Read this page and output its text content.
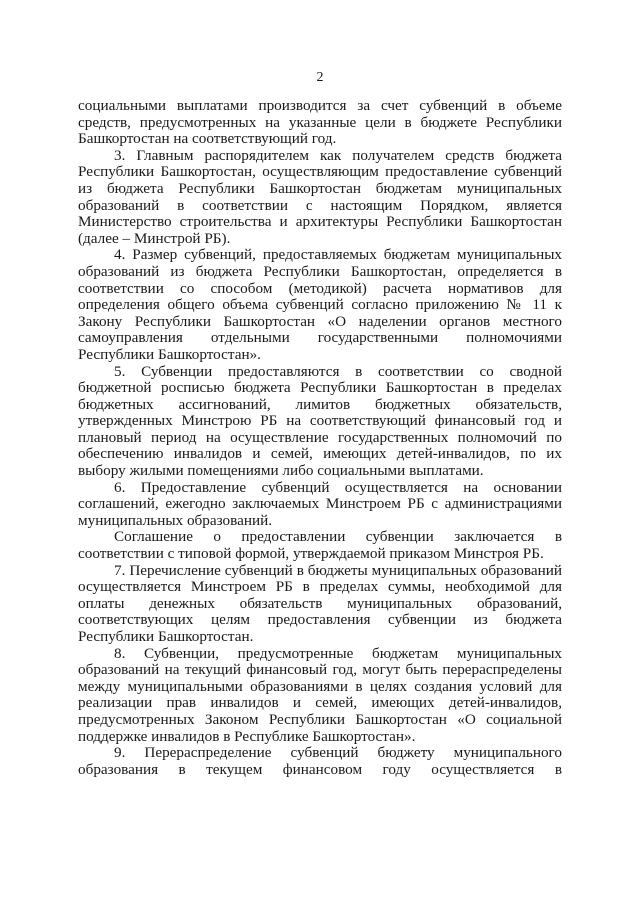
2

социальными выплатами производится за счет субвенций в объеме средств, предусмотренных на указанные цели в бюджете Республики Башкортостан на соответствующий год.

3. Главным распорядителем как получателем средств бюджета Республики Башкортостан, осуществляющим предоставление субвенций из бюджета Республики Башкортостан бюджетам муниципальных образований в соответствии с настоящим Порядком, является Министерство строительства и архитектуры Республики Башкортостан (далее – Минстрой РБ).

4. Размер субвенций, предоставляемых бюджетам муниципальных образований из бюджета Республики Башкортостан, определяется в соответствии со способом (методикой) расчета нормативов для определения общего объема субвенций согласно приложению № 11 к Закону Республики Башкортостан «О наделении органов местного самоуправления отдельными государственными полномочиями Республики Башкортостан».

5. Субвенции предоставляются в соответствии со сводной бюджетной росписью бюджета Республики Башкортостан в пределах бюджетных ассигнований, лимитов бюджетных обязательств, утвержденных Минстрою РБ на соответствующий финансовый год и плановый период на осуществление государственных полномочий по обеспечению инвалидов и семей, имеющих детей-инвалидов, по их выбору жилыми помещениями либо социальными выплатами.

6. Предоставление субвенций осуществляется на основании соглашений, ежегодно заключаемых Минстроем РБ с администрациями муниципальных образований.

Соглашение о предоставлении субвенции заключается в соответствии с типовой формой, утверждаемой приказом Минстроя РБ.

7. Перечисление субвенций в бюджеты муниципальных образований осуществляется Минстроем РБ в пределах суммы, необходимой для оплаты денежных обязательств муниципальных образований, соответствующих целям предоставления субвенции из бюджета Республики Башкортостан.

8. Субвенции, предусмотренные бюджетам муниципальных образований на текущий финансовый год, могут быть перераспределены между муниципальными образованиями в целях создания условий для реализации прав инвалидов и семей, имеющих детей-инвалидов, предусмотренных Законом Республики Башкортостан «О социальной поддержке инвалидов в Республике Башкортостан».

9. Перераспределение субвенций бюджету муниципального образования в текущем финансовом году осуществляется в
